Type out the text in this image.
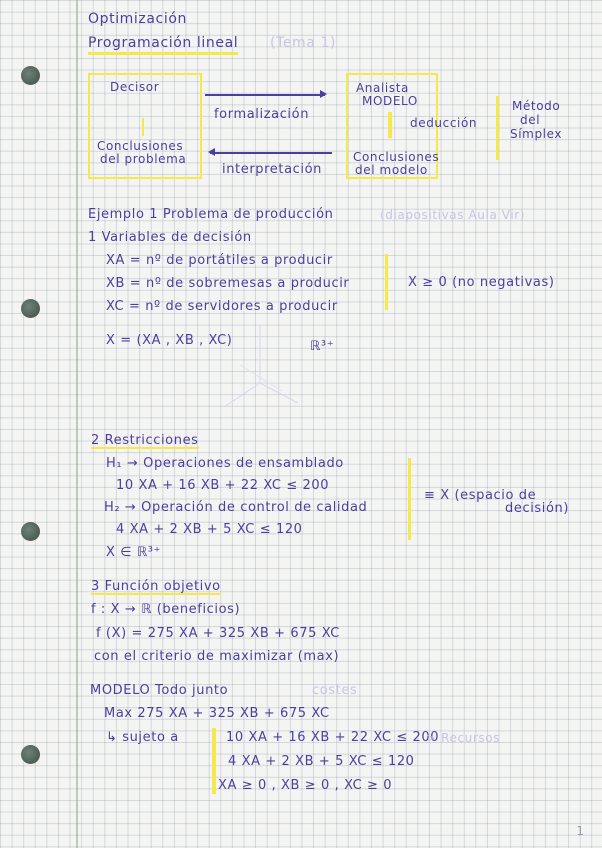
Optimización
Programación lineal (Tema 1)
Decisor
Conclusiones
del problema
Analista
MODELO
Conclusiones
del modelo
formalización
deducción
interpretación
Método
del
Símplex
Ejemplo 1 Problema de producción	(diapositivas Aula Vir)
1 Variables de decisión
XA = nº de portátiles a producir
XB = nº de sobremesas a producir
XC = nº de servidores a producir
X ≥ 0 (no negativas)
X = (XA , XB , XC)	ℝ³⁺
2 Restricciones
H₁ → Operaciones de ensamblado
10 XA + 16 XB + 22 XC ≤ 200
H₂ → Operación de control de calidad
4 XA + 2 XB + 5 XC ≤ 120
X ∈ ℝ³⁺
≡ X (espacio de
decisión)
3 Función objetivo
f : X → ℝ (beneficios)
f (X) = 275 XA + 325 XB + 675 XC
con el criterio de maximizar (max)
MODELO Todo junto	costes
Max 275 XA + 325 XB + 675 XC
↳ sujeto a	10 XA + 16 XB + 22 XC ≤ 200
> Recursos
4 XA + 2 XB + 5 XC ≤ 120
XA ≥ 0 , XB ≥ 0 , XC ≥ 0
1
